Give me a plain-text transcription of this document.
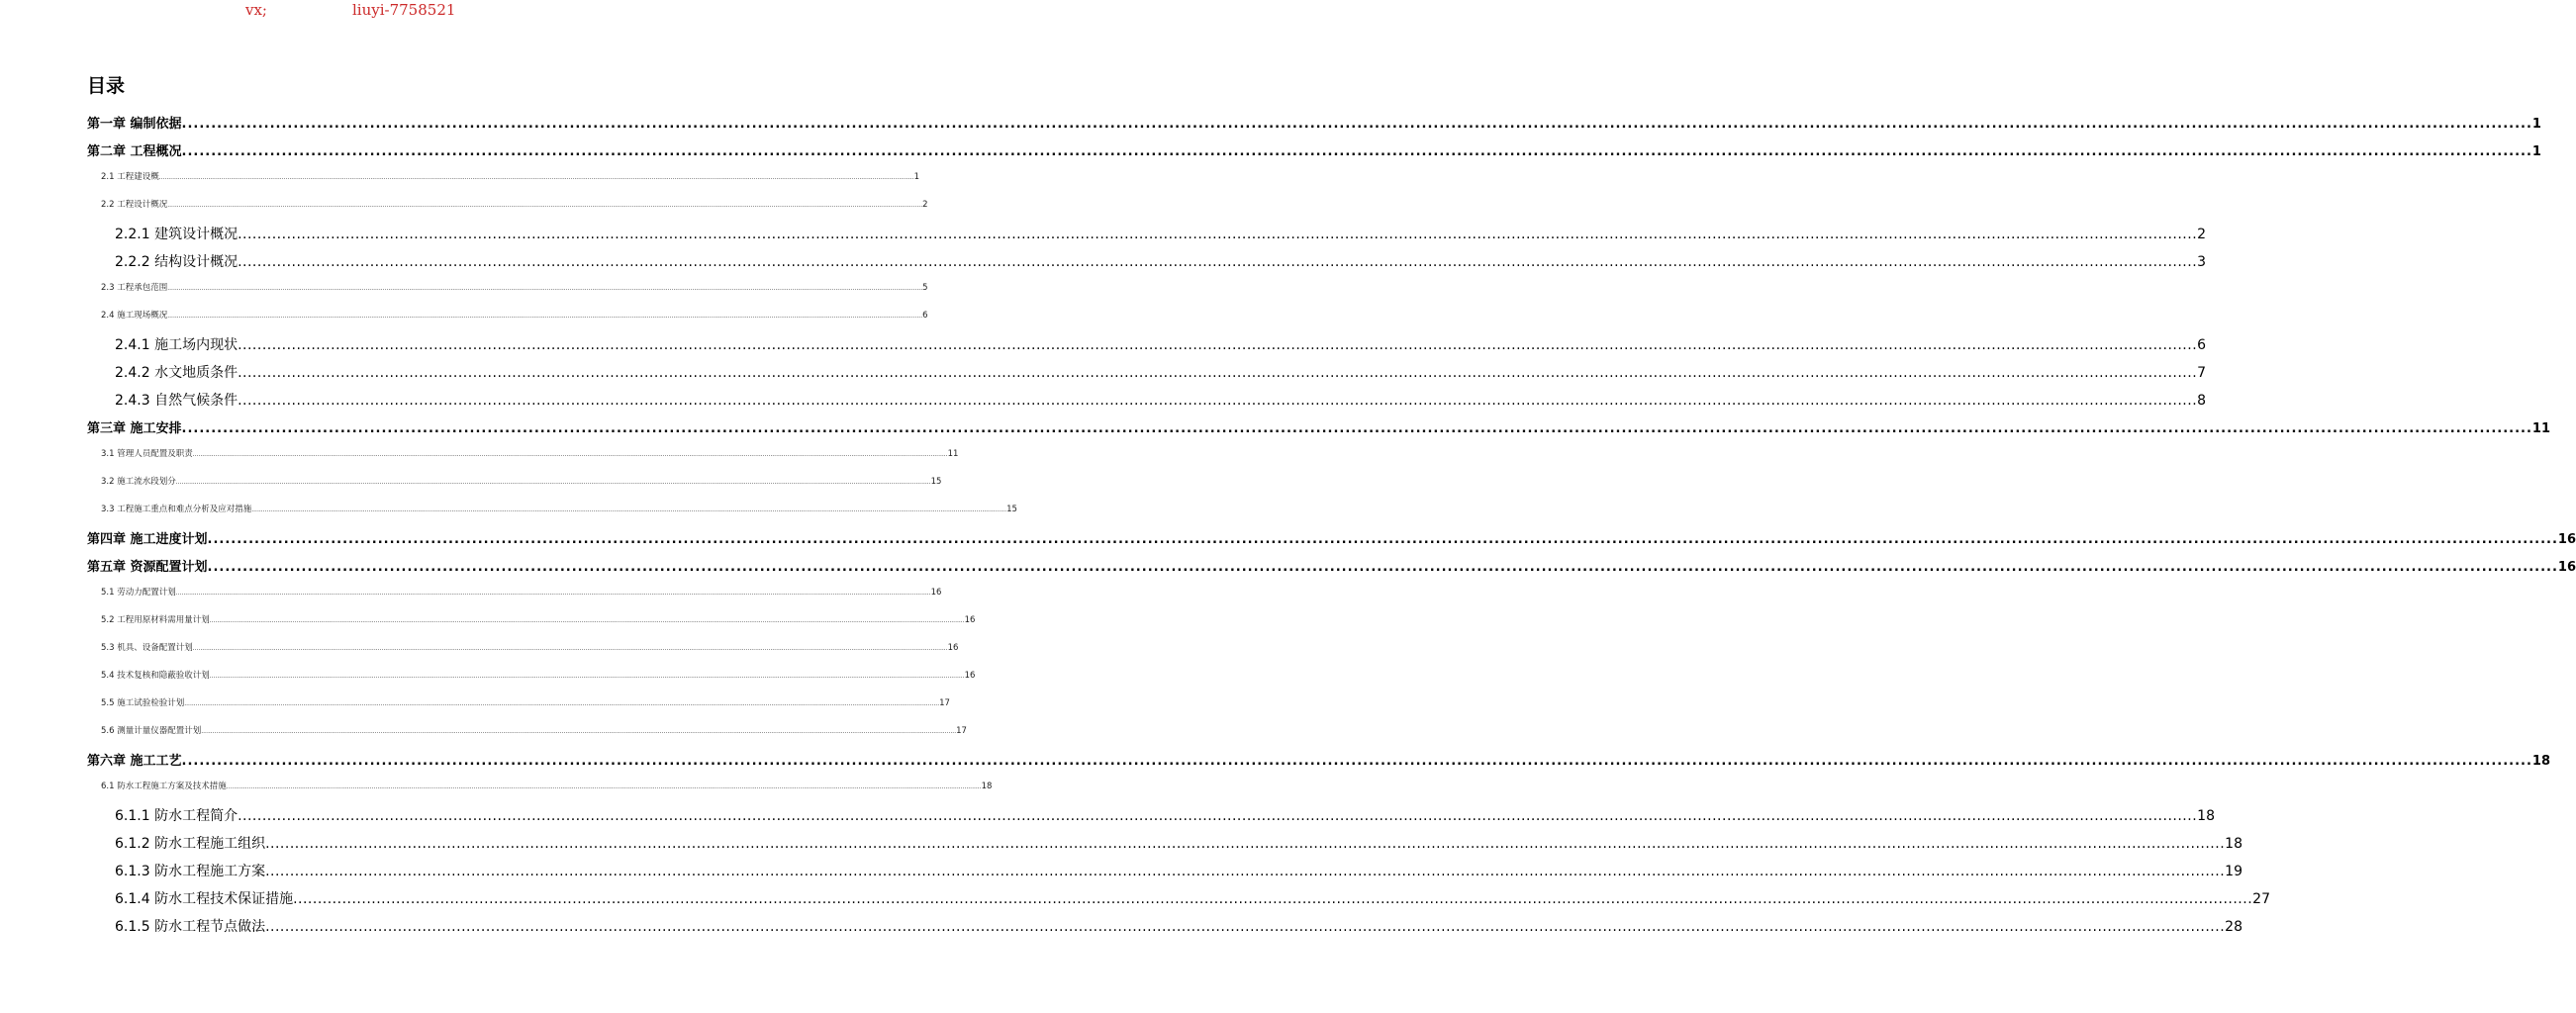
vx;	liuyi-7758521
目录
第一章 编制依据 ................................................................................................................................................................................................................................................................................................................................................................................................................ 1
第二章 工程概况 ................................................................................................................................................................................................................................................................................................................................................................................................................ 1
2.1 工程建设概 ................................................................................................................................................................................................................................................................................................................................................................................................................ 1
2.2 工程设计概况 ................................................................................................................................................................................................................................................................................................................................................................................................................ 2
2.2.1 建筑设计概况 ................................................................................................................................................................................................................................................................................................................................................................................................................ 2
2.2.2 结构设计概况 ................................................................................................................................................................................................................................................................................................................................................................................................................ 3
2.3 工程承包范围 ................................................................................................................................................................................................................................................................................................................................................................................................................ 5
2.4 施工现场概况 ................................................................................................................................................................................................................................................................................................................................................................................................................ 6
2.4.1 施工场内现状 ................................................................................................................................................................................................................................................................................................................................................................................................................ 6
2.4.2 水文地质条件 ................................................................................................................................................................................................................................................................................................................................................................................................................ 7
2.4.3 自然气候条件 ................................................................................................................................................................................................................................................................................................................................................................................................................ 8
第三章 施工安排 ................................................................................................................................................................................................................................................................................................................................................................................................................ 11
3.1 管理人员配置及职责 ................................................................................................................................................................................................................................................................................................................................................................................................................ 11
3.2 施工流水段划分 ................................................................................................................................................................................................................................................................................................................................................................................................................ 15
3.3 工程施工重点和难点分析及应对措施 ................................................................................................................................................................................................................................................................................................................................................................................................................ 15
第四章 施工进度计划 ................................................................................................................................................................................................................................................................................................................................................................................................................ 16
第五章 资源配置计划 ................................................................................................................................................................................................................................................................................................................................................................................................................ 16
5.1 劳动力配置计划 ................................................................................................................................................................................................................................................................................................................................................................................................................ 16
5.2 工程用原材料需用量计划 ................................................................................................................................................................................................................................................................................................................................................................................................................ 16
5.3 机具、设备配置计划 ................................................................................................................................................................................................................................................................................................................................................................................................................ 16
5.4 技术复核和隐蔽验收计划 ................................................................................................................................................................................................................................................................................................................................................................................................................ 16
5.5 施工试验检验计划 ................................................................................................................................................................................................................................................................................................................................................................................................................ 17
5.6 测量计量仪器配置计划 ................................................................................................................................................................................................................................................................................................................................................................................................................ 17
第六章 施工工艺 ................................................................................................................................................................................................................................................................................................................................................................................................................ 18
6.1 防水工程施工方案及技术措施 ................................................................................................................................................................................................................................................................................................................................................................................................................ 18
6.1.1 防水工程简介 ................................................................................................................................................................................................................................................................................................................................................................................................................ 18
6.1.2 防水工程施工组织 ................................................................................................................................................................................................................................................................................................................................................................................................................ 18
6.1.3 防水工程施工方案 ................................................................................................................................................................................................................................................................................................................................................................................................................ 19
6.1.4 防水工程技术保证措施 ................................................................................................................................................................................................................................................................................................................................................................................................................ 27
6.1.5 防水工程节点做法 ................................................................................................................................................................................................................................................................................................................................................................................................................ 28
